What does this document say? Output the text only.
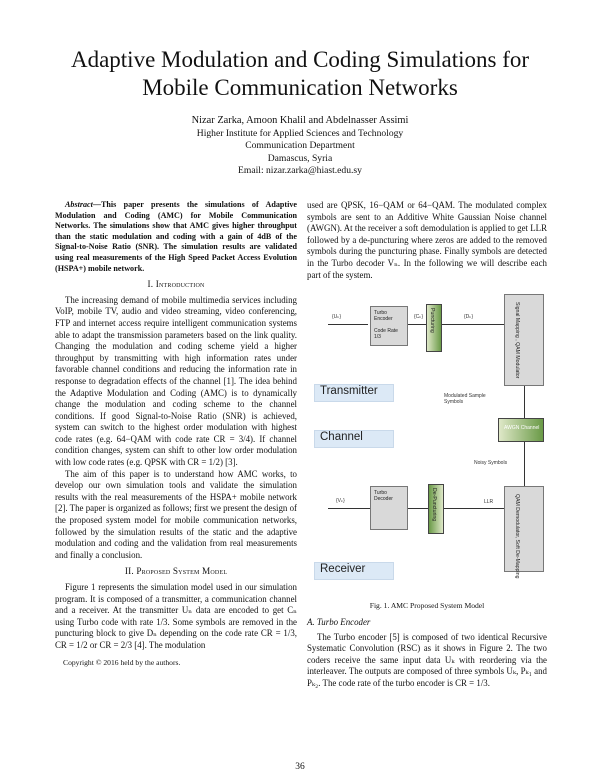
Adaptive Modulation and Coding Simulations for Mobile Communication Networks
Nizar Zarka, Amoon Khalil and Abdelnasser Assimi
Higher Institute for Applied Sciences and Technology
Communication Department
Damascus, Syria
Email: nizar.zarka@hiast.edu.sy

Abstract—This paper presents the simulations of Adaptive Modulation and Coding (AMC) for Mobile Communication Networks. The simulations show that AMC gives higher throughput than the static modulation and coding with a gain of 4dB of the Signal-to-Noise Ratio (SNR). The simulation results are validated using real measurements of the High Speed Packet Access Evolution (HSPA+) mobile network.

I. Introduction

The increasing demand of mobile multimedia services including VoIP, mobile TV, audio and video streaming, video conferencing, FTP and internet access require intelligent communication systems able to adapt the transmission parameters based on the link quality. Changing the modulation and coding scheme yield a higher throughput by transmitting with high information rates under favorable channel conditions and reducing the information rate in response to degradation effects of the channel [1]. The idea behind the Adaptive Modulation and Coding (AMC) is to dynamically change the modulation and coding scheme to the channel conditions. If good Signal-to-Noise Ratio (SNR) is achieved, system can switch to the highest order modulation with highest code rates (e.g. 64−QAM with code rate CR = 3/4). If channel condition changes, system can shift to other low order modulation with low code rates (e.g. QPSK with CR = 1/2) [3].

The aim of this paper is to understand how AMC works, to develop our own simulation tools and validate the simulation results with the real measurements of the HSPA+ mobile network [2]. The paper is organized as follows; first we present the design of the proposed system model for mobile communication networks, followed by the simulation results of the static and the adaptive modulation and coding and the validation from real measurements and finally a conclusion.

II. Proposed System Model

Figure 1 represents the simulation model used in our simulation program. It is composed of a transmitter, a communication channel and a receiver. At the transmitter Uₙ data are encoded to get Cₙ using Turbo code with rate 1/3. Some symbols are removed in the puncturing block to give Dₙ depending on the code rate CR = 1/3, CR = 1/2 or CR = 2/3 [4]. The modulation

Copyright © 2016 held by the authors.

used are QPSK, 16−QAM or 64−QAM. The modulated complex symbols are sent to an Additive White Gaussian Noise channel (AWGN). At the receiver a soft demodulation is applied to get LLR followed by a de-puncturing where zeros are added to the removed symbols during the puncturing phase. Finally symbols are detected in the Turbo decoder Vₙ. In the following we will describe each part of the system.

Transmitter
Channel
Receiver
{Uₖ}
Turbo Encoder
Code Rate 1/3
{Cₖ} Puncturing	{Dₖ}	Signal Mapping , QAM Modulator
Modulated Sample Symbols
AWGN Channel
Noisy Symbols
QAM Demodulator, Soft De-Mapping
LLR
De-Puncturing
Turbo Decoder
{Vₖ}
Fig. 1. AMC Proposed System Model
A. Turbo Encoder

The Turbo encoder [5] is composed of two identical Recursive Systematic Convolution (RSC) as it shows in Figure 2. The two coders receive the same input data Uₖ with reordering via the interleaver. The outputs are composed of three symbols Uₖ, Pₖ₁ and Pₖ₂. The code rate of the turbo encoder is CR = 1/3.

36
